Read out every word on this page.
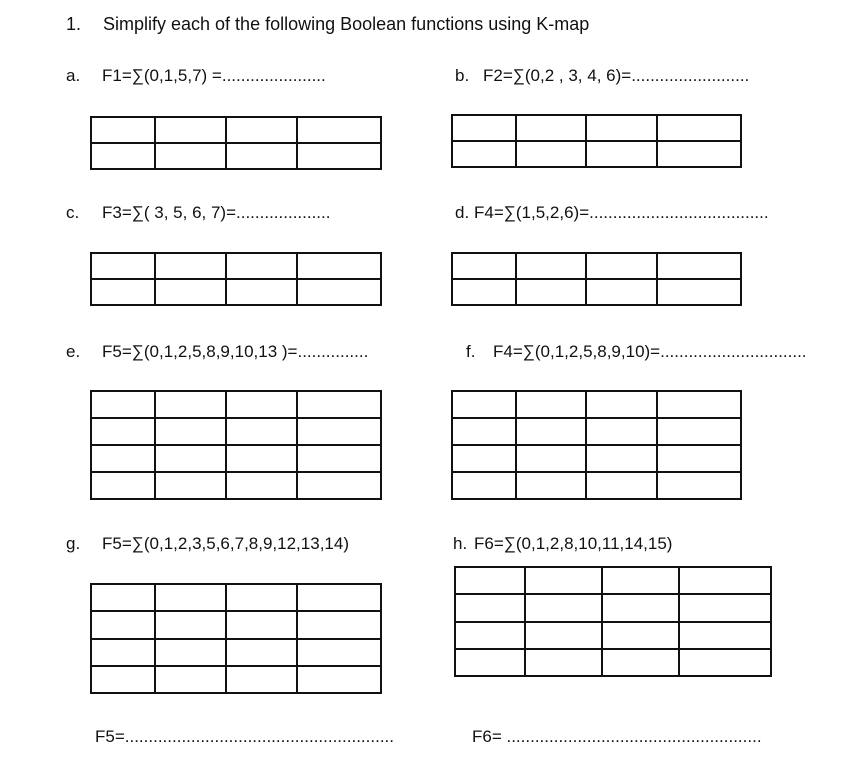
1. Simplify each of the following Boolean functions using K-map
a. F1=∑(0,1,5,7) =......................

				b. F2=∑(0,2 , 3, 4, 6)=.........................

c. F3=∑( 3, 5, 6, 7)=....................

				d. F4=∑(1,5,2,6)=......................................

e. F5=∑(0,1,2,5,8,9,10,13 )=...............

				f. F4=∑(0,1,2,5,8,9,10)=...............................

g. F5=∑(0,1,2,3,5,6,7,8,9,12,13,14)

				h. F6=∑(0,1,2,8,10,11,14,15)

F5=.........................................................	F6= ......................................................
